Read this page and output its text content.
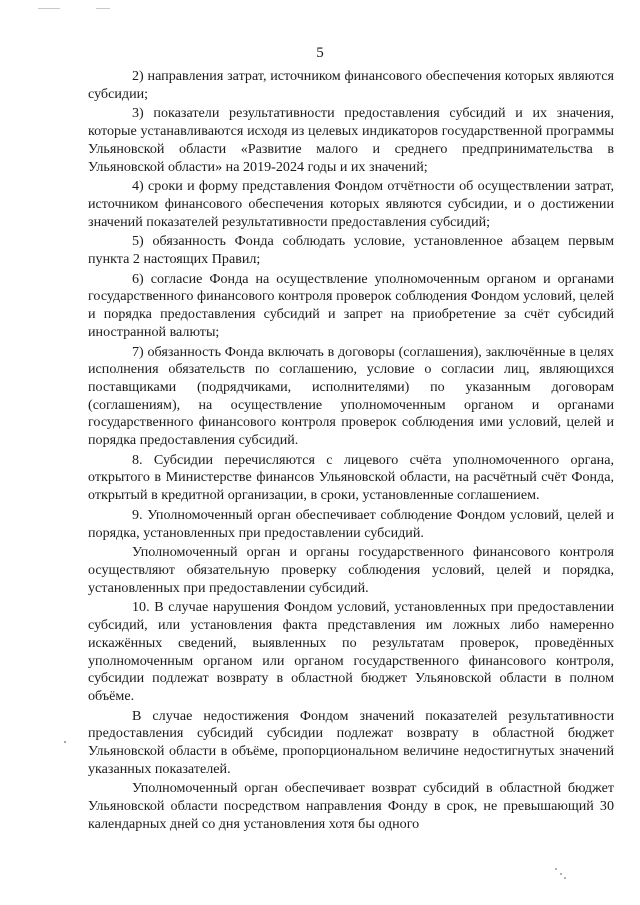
5

2) направления затрат, источником финансового обеспечения которых являются субсидии;

3) показатели результативности предоставления субсидий и их значения, которые устанавливаются исходя из целевых индикаторов государственной программы Ульяновской области «Развитие малого и среднего предпринимательства в Ульяновской области» на 2019-2024 годы и их значений;

4) сроки и форму представления Фондом отчётности об осуществлении затрат, источником финансового обеспечения которых являются субсидии, и о достижении значений показателей результативности предоставления субсидий;

5) обязанность Фонда соблюдать условие, установленное абзацем первым пункта 2 настоящих Правил;

6) согласие Фонда на осуществление уполномоченным органом и органами государственного финансового контроля проверок соблюдения Фондом условий, целей и порядка предоставления субсидий и запрет на приобретение за счёт субсидий иностранной валюты;

7) обязанность Фонда включать в договоры (соглашения), заключённые в целях исполнения обязательств по соглашению, условие о согласии лиц, являющихся поставщиками (подрядчиками, исполнителями) по указанным договорам (соглашениям), на осуществление уполномоченным органом и органами государственного финансового контроля проверок соблюдения ими условий, целей и порядка предоставления субсидий.

8. Субсидии перечисляются с лицевого счёта уполномоченного органа, открытого в Министерстве финансов Ульяновской области, на расчётный счёт Фонда, открытый в кредитной организации, в сроки, установленные соглашением.

9. Уполномоченный орган обеспечивает соблюдение Фондом условий, целей и порядка, установленных при предоставлении субсидий.

Уполномоченный орган и органы государственного финансового контроля осуществляют обязательную проверку соблюдения условий, целей и порядка, установленных при предоставлении субсидий.

10. В случае нарушения Фондом условий, установленных при предоставлении субсидий, или установления факта представления им ложных либо намеренно искажённых сведений, выявленных по результатам проверок, проведённых уполномоченным органом или органом государственного финансового контроля, субсидии подлежат возврату в областной бюджет Ульяновской области в полном объёме.

В случае недостижения Фондом значений показателей результативности предоставления субсидий субсидии подлежат возврату в областной бюджет Ульяновской области в объёме, пропорциональном величине недостигнутых значений указанных показателей.

Уполномоченный орган обеспечивает возврат субсидий в областной бюджет Ульяновской области посредством направления Фонду в срок, не превышающий 30 календарных дней со дня установления хотя бы одного
